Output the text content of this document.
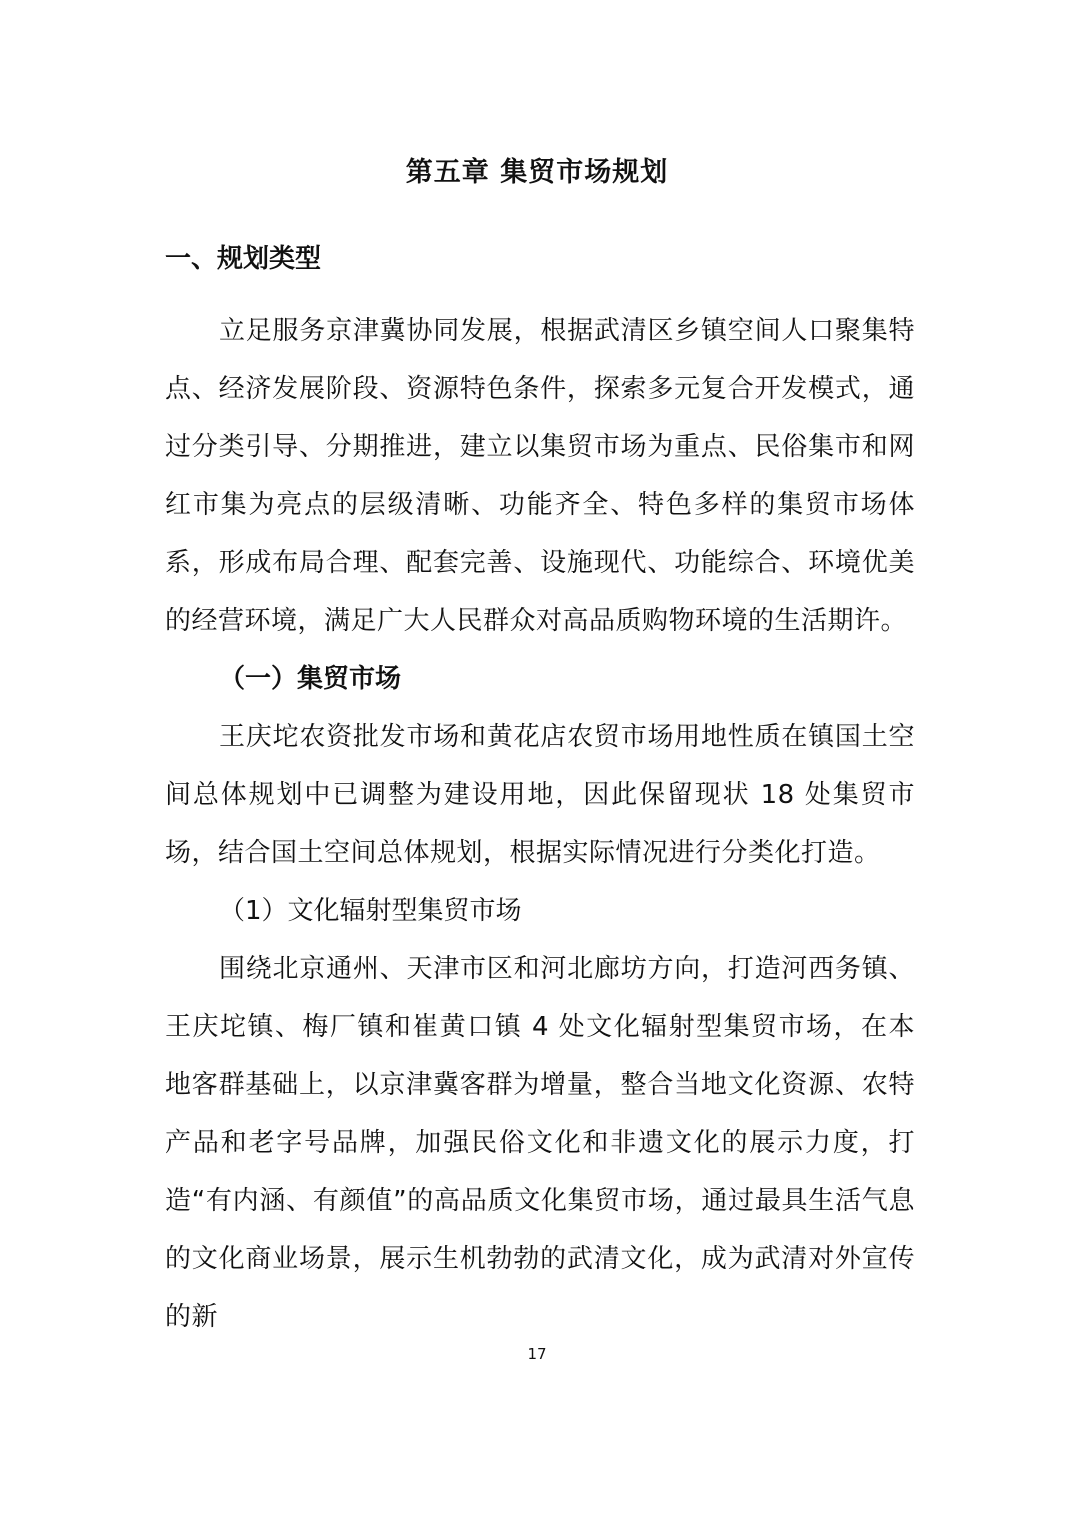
第五章 集贸市场规划
一、规划类型

立足服务京津冀协同发展，根据武清区乡镇空间人口聚集特点、经济发展阶段、资源特色条件，探索多元复合开发模式，通过分类引导、分期推进，建立以集贸市场为重点、民俗集市和网红市集为亮点的层级清晰、功能齐全、特色多样的集贸市场体系，形成布局合理、配套完善、设施现代、功能综合、环境优美的经营环境，满足广大人民群众对高品质购物环境的生活期许。

（一）集贸市场

王庆坨农资批发市场和黄花店农贸市场用地性质在镇国土空间总体规划中已调整为建设用地，因此保留现状 18 处集贸市场，结合国土空间总体规划，根据实际情况进行分类化打造。

（1）文化辐射型集贸市场

围绕北京通州、天津市区和河北廊坊方向，打造河西务镇、王庆坨镇、梅厂镇和崔黄口镇 4 处文化辐射型集贸市场，在本地客群基础上，以京津冀客群为增量，整合当地文化资源、农特产品和老字号品牌，加强民俗文化和非遗文化的展示力度，打造“有内涵、有颜值”的高品质文化集贸市场，通过最具生活气息的文化商业场景，展示生机勃勃的武清文化，成为武清对外宣传的新

17
